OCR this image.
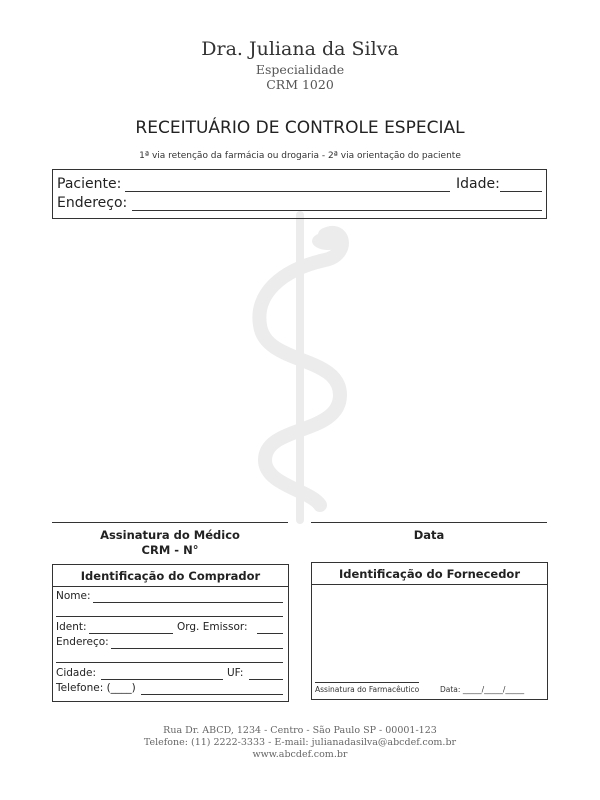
Dra. Juliana da Silva
Especialidade
CRM 1020
RECEITUÁRIO DE CONTROLE ESPECIAL
1ª via retenção da farmácia ou drogaria - 2ª via orientação do paciente
Paciente:	Idade:
Endereço:
Assinatura do Médico
CRM - N°
Data
Identificação do Comprador
Nome:
Ident:	Org. Emissor:
Endereço:
Cidade:	UF:
Telefone: (____)
Identificação do Fornecedor
Assinatura do Farmacêutico	Data: _____/_____/_____
Rua Dr. ABCD, 1234 - Centro - São Paulo SP - 00001-123
Telefone: (11) 2222-3333 - E-mail: julianadasilva@abcdef.com.br
www.abcdef.com.br
